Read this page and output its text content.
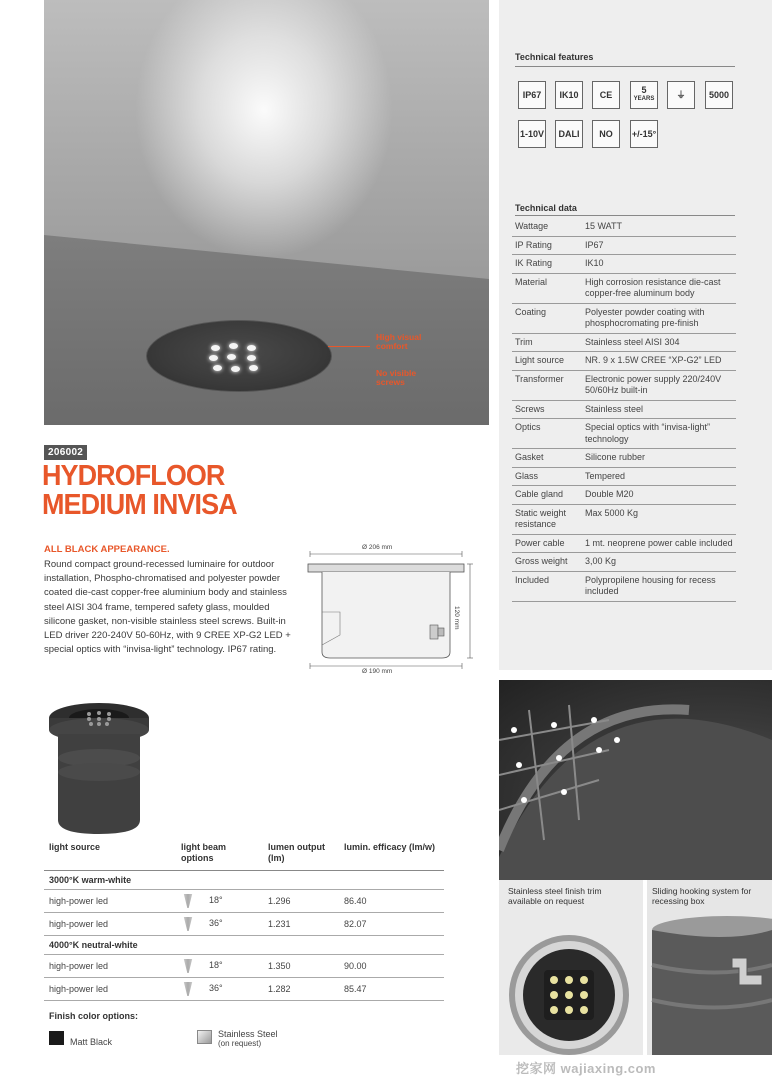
High visual comfort
No visible screws
206002
HYDROFLOOR
MEDIUM INVISA
ALL BLACK APPEARANCE.
Round compact ground-recessed luminaire for outdoor installation, Phospho-chromatised and polyester powder coated die-cast copper-free aluminium body and stainless steel AISI 304 frame, tempered safety glass, moulded silicone gasket, non-visible stainless steel screws. Built-in LED driver 220-240V 50-60Hz, with 9 CREE XP-G2 LED + special optics with “invisa-light” technology. IP67 rating.
Ø 206 mm
Ø 190 mm
120 mm
Technical features
IP67 IK10 CE	5
YEARS ⏚	5000
1-10V DALI NO +/-15°
Technical data
Wattage	15 WATT
IP Rating	IP67
IK Rating	IK10
Material	High corrosion resistance die-cast copper-free aluminum body
Coating	Polyester powder coating with phosphocromating pre-finish
Trim	Stainless steel AISI 304
Light source	NR. 9 x 1.5W CREE “XP-G2” LED
Transformer	Electronic power supply 220/240V 50/60Hz built-in
Screws	Stainless steel
Optics	Special optics with “invisa-light” technology
Gasket	Silicone rubber
Glass	Tempered
Cable gland	Double M20
Static weight resistance	Max 5000 Kg
Power cable	1 mt. neoprene power cable included
Gross weight	3,00 Kg
Included	Polypropilene housing for recess included
light source	light beam options	lumen output (lm)	lumin. efficacy (lm/w)
3000°K warm-white			
high-power led	18°	1.296	86.40
high-power led	36°	1.231	82.07
4000°K neutral-white			
high-power led	18°	1.350	90.00
high-power led	36°	1.282	85.47
Finish color options:
Matt Black
Stainless Steel
(on request)
Stainless steel finish trim available on request
Sliding hooking system for recessing box
挖家网 wajiaxing.com
